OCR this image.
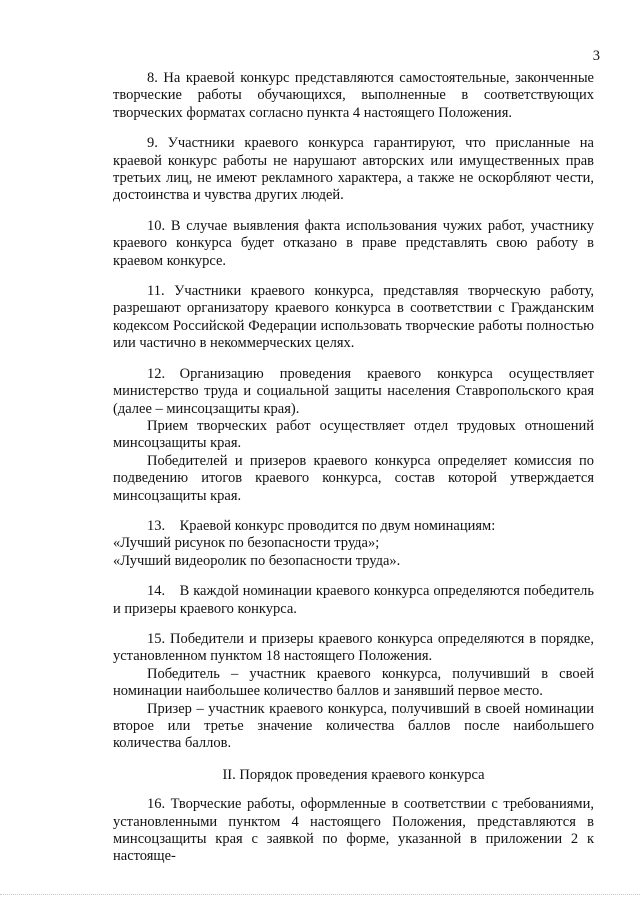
3

8. На краевой конкурс представляются самостоятельные, законченные творческие работы обучающихся, выполненные в соответствующих творческих форматах согласно пункта 4 настоящего Положения.

9. Участники краевого конкурса гарантируют, что присланные на краевой конкурс работы не нарушают авторских или имущественных прав третьих лиц, не имеют рекламного характера, а также не оскорбляют чести, достоинства и чувства других людей.

10. В случае выявления факта использования чужих работ, участнику краевого конкурса будет отказано в праве представлять свою работу в краевом конкурсе.

11. Участники краевого конкурса, представляя творческую работу, разрешают организатору краевого конкурса в соответствии с Гражданским кодексом Российской Федерации использовать творческие работы полностью или частично в некоммерческих целях.

12. Организацию проведения краевого конкурса осуществляет министерство труда и социальной защиты населения Ставропольского края (далее – минсоцзащиты края).

Прием творческих работ осуществляет отдел трудовых отношений минсоцзащиты края.

Победителей и призеров краевого конкурса определяет комиссия по подведению итогов краевого конкурса, состав которой утверждается минсоцзащиты края.

13. Краевой конкурс проводится по двум номинациям:

«Лучший рисунок по безопасности труда»;

«Лучший видеоролик по безопасности труда».

14. В каждой номинации краевого конкурса определяются победитель и призеры краевого конкурса.

15. Победители и призеры краевого конкурса определяются в порядке, установленном пунктом 18 настоящего Положения.

Победитель – участник краевого конкурса, получивший в своей номинации наибольшее количество баллов и занявший первое место.

Призер – участник краевого конкурса, получивший в своей номинации второе или третье значение количества баллов после наибольшего количества баллов.

II. Порядок проведения краевого конкурса

16. Творческие работы, оформленные в соответствии с требованиями, установленными пунктом 4 настоящего Положения, представляются в минсоцзащиты края с заявкой по форме, указанной в приложении 2 к настояще-
